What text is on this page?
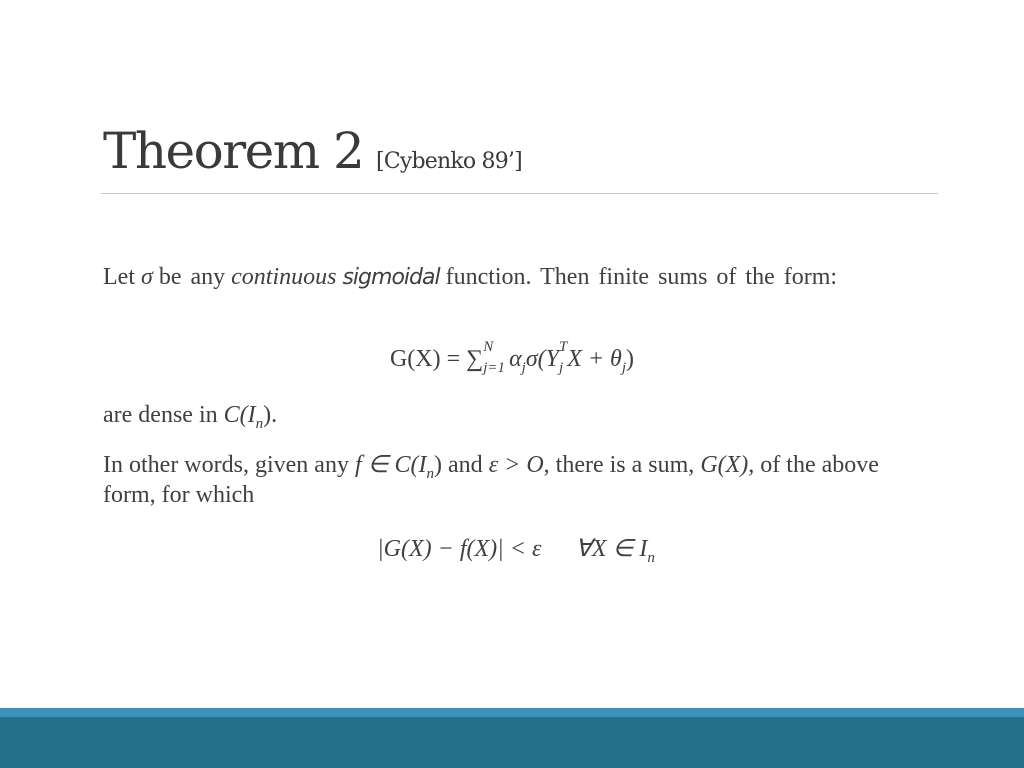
Theorem 2 [Cybenko 89’]
Let σ be any continuous sigmoidal function. Then finite sums of the form:
G(X) = ∑ N
j=1 $\alpha_j\sigma(Y$ T
j $X + \theta_j$)
are dense in $C(I_n)$.
In other words, given any f ∈ $C(I_n)$ and ε > O, there is a sum, G(X), of the above form, for which
|G(X) − f(X)| < ε ∀X ∈ $I_n$
